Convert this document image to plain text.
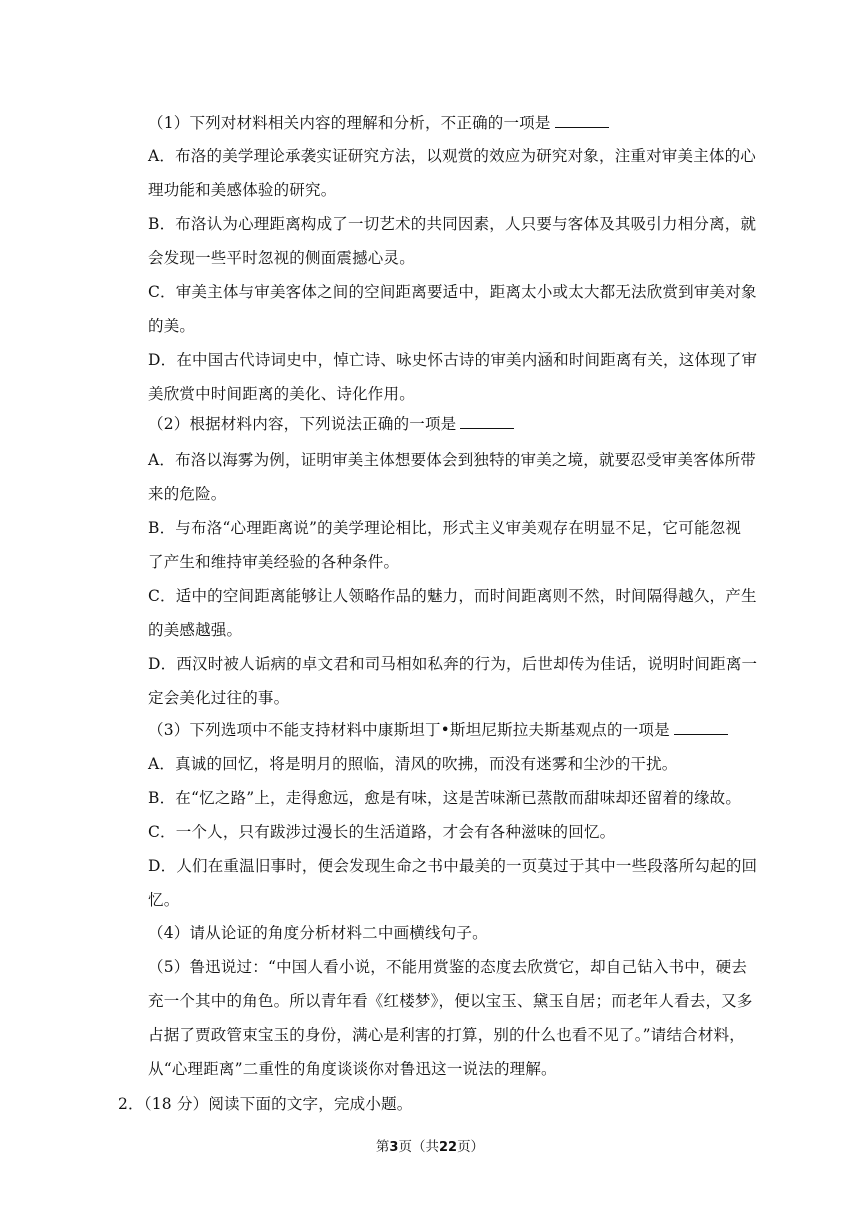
（1）下列对材料相关内容的理解和分析，不正确的一项是

A．布洛的美学理论承袭实证研究方法，以观赏的效应为研究对象，注重对审美主体的心

理功能和美感体验的研究。

B．布洛认为心理距离构成了一切艺术的共同因素，人只要与客体及其吸引力相分离，就

会发现一些平时忽视的侧面震撼心灵。

C．审美主体与审美客体之间的空间距离要适中，距离太小或太大都无法欣赏到审美对象

的美。

D．在中国古代诗词史中，悼亡诗、咏史怀古诗的审美内涵和时间距离有关，这体现了审

美欣赏中时间距离的美化、诗化作用。

（2）根据材料内容，下列说法正确的一项是

A．布洛以海雾为例，证明审美主体想要体会到独特的审美之境，就要忍受审美客体所带

来的危险。

B．与布洛“心理距离说”的美学理论相比，形式主义审美观存在明显不足，它可能忽视

了产生和维持审美经验的各种条件。

C．适中的空间距离能够让人领略作品的魅力，而时间距离则不然，时间隔得越久，产生

的美感越强。

D．西汉时被人诟病的卓文君和司马相如私奔的行为，后世却传为佳话，说明时间距离一

定会美化过往的事。

（3）下列选项中不能支持材料中康斯坦丁•斯坦尼斯拉夫斯基观点的一项是

A．真诚的回忆，将是明月的照临，清风的吹拂，而没有迷雾和尘沙的干扰。

B．在“忆之路”上，走得愈远，愈是有味，这是苦味渐已蒸散而甜味却还留着的缘故。

C．一个人，只有跋涉过漫长的生活道路，才会有各种滋味的回忆。

D．人们在重温旧事时，便会发现生命之书中最美的一页莫过于其中一些段落所勾起的回

忆。

（4）请从论证的角度分析材料二中画横线句子。

（5）鲁迅说过：“中国人看小说，不能用赏鉴的态度去欣赏它，却自己钻入书中，硬去

充一个其中的角色。所以青年看《红楼梦》，便以宝玉、黛玉自居；而老年人看去，又多

占据了贾政管束宝玉的身份，满心是利害的打算，别的什么也看不见了。”请结合材料，

从“心理距离”二重性的角度谈谈你对鲁迅这一说法的理解。

2．（18 分）阅读下面的文字，完成小题。

第3页（共22页）
